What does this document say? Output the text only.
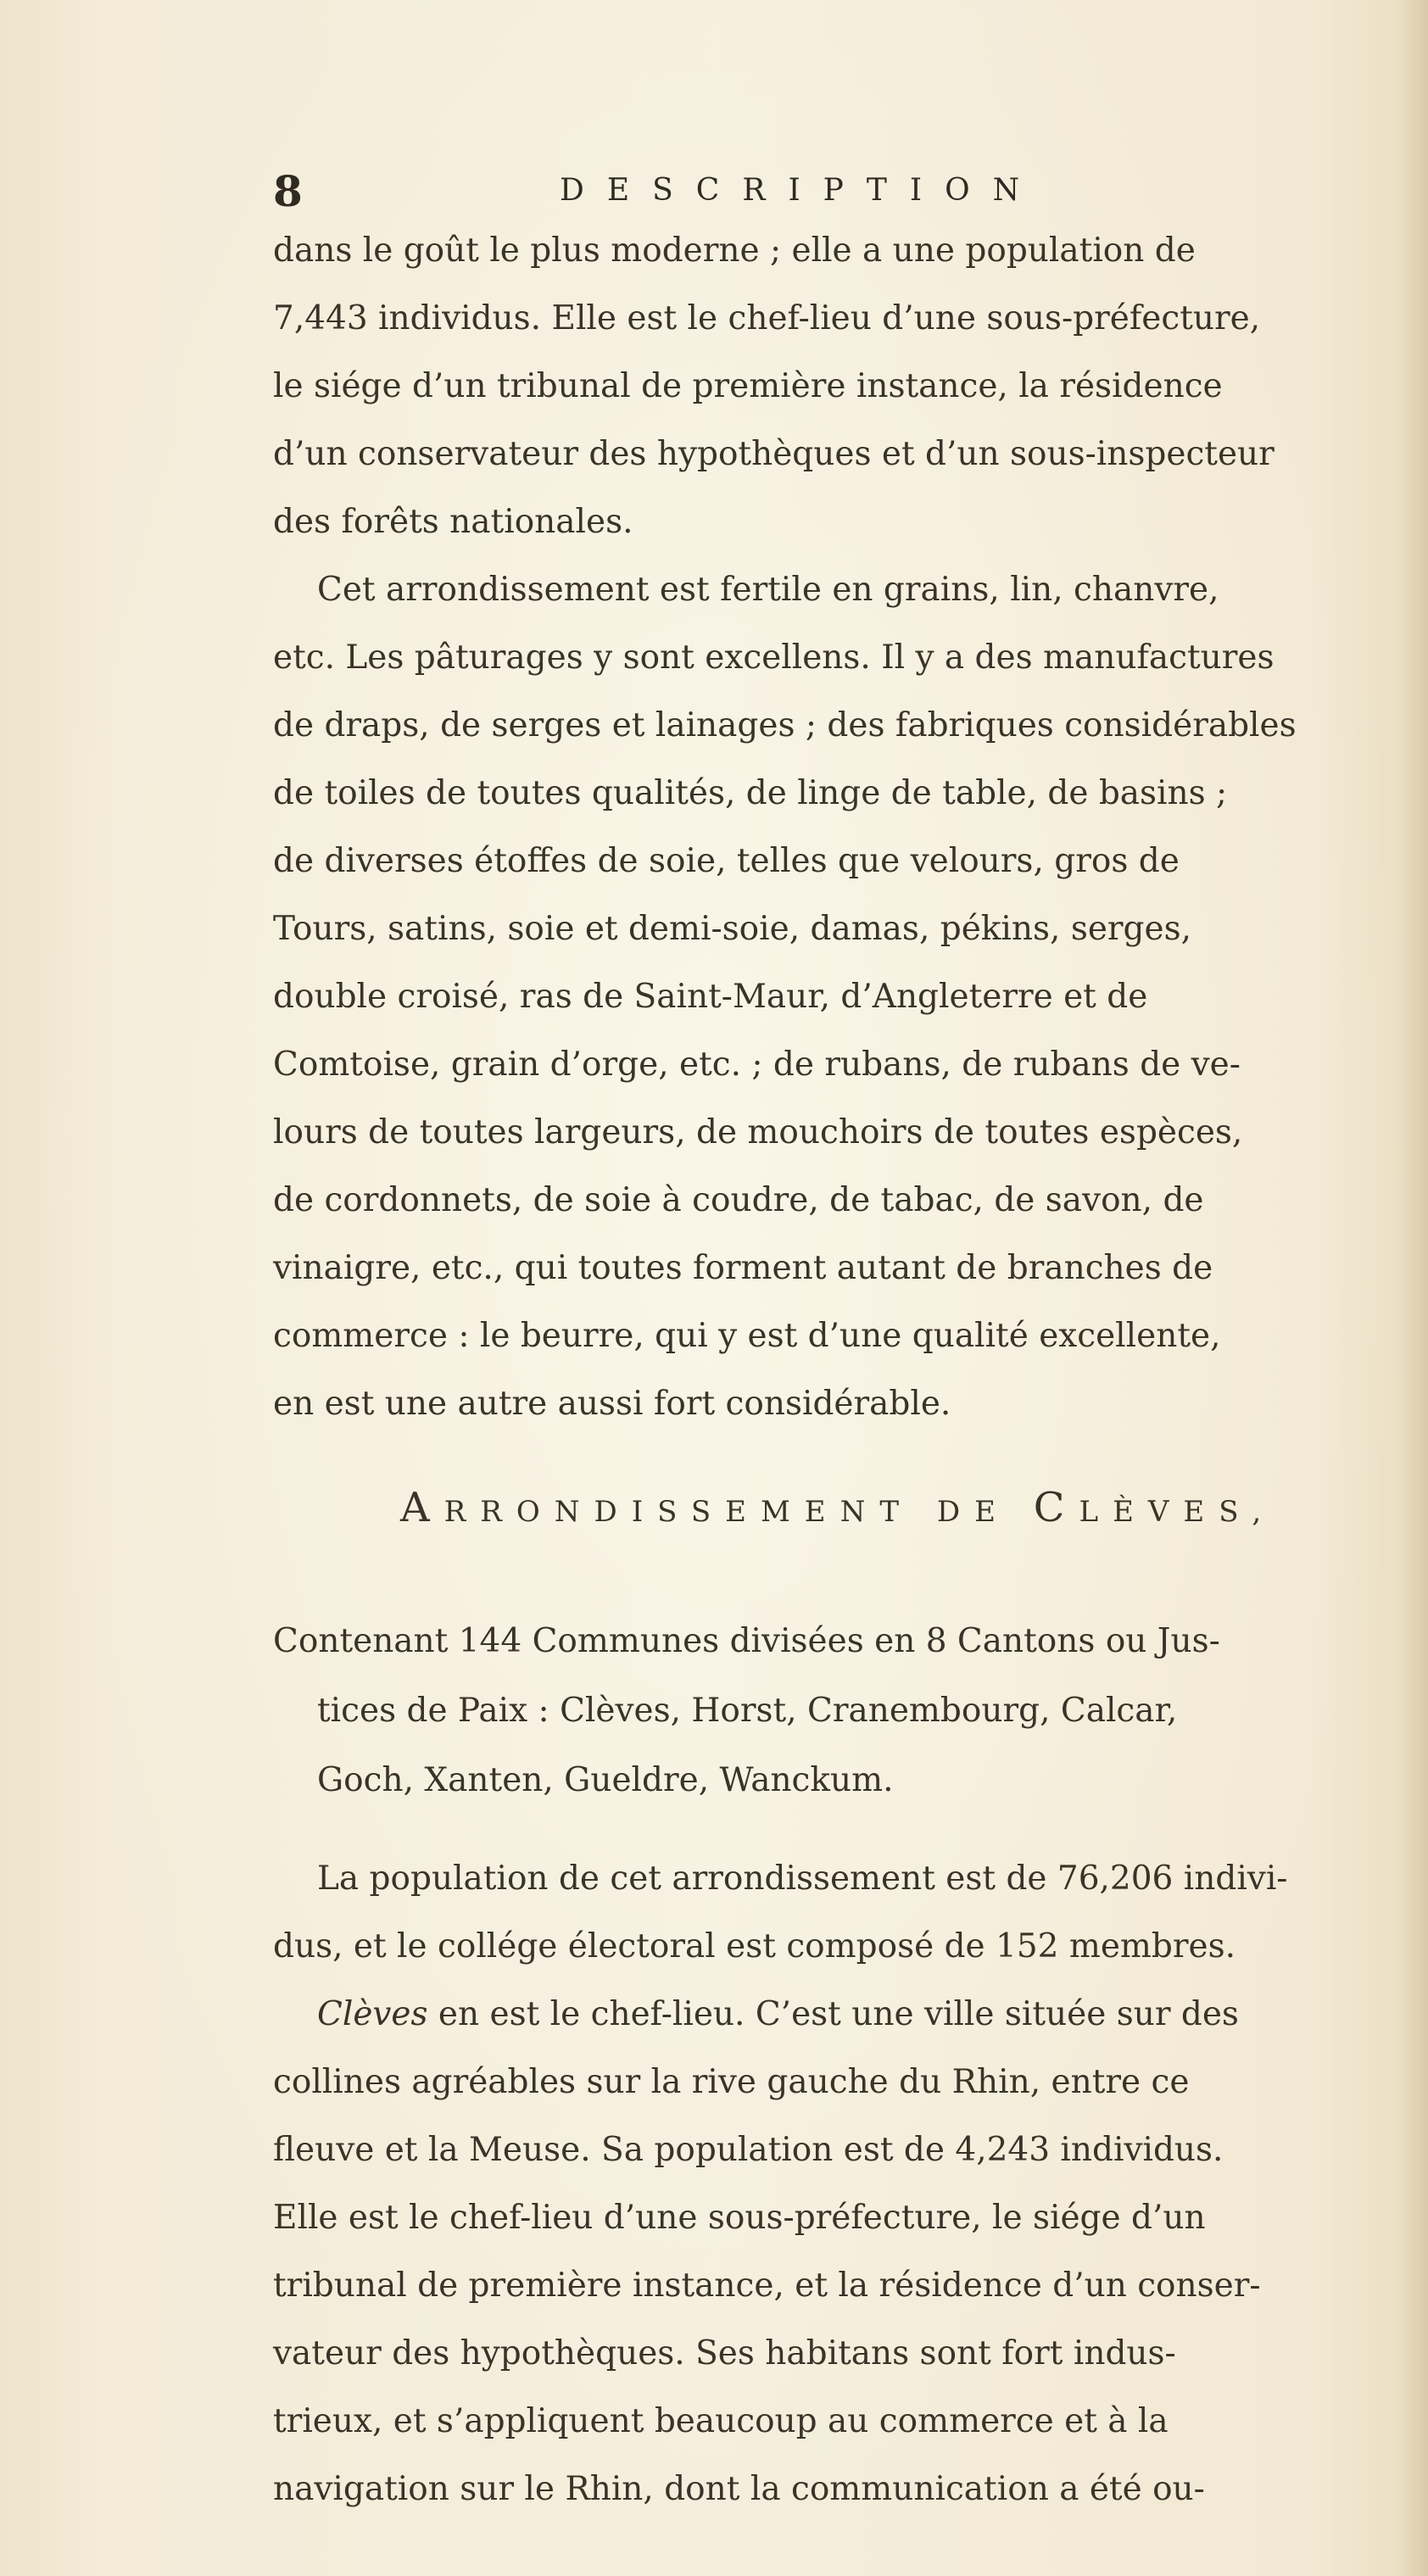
8	DESCRIPTION
dans le goût le plus moderne ; elle a une population de
7,443 individus. Elle est le chef-lieu d’une sous-préfecture,
le siége d’un tribunal de première instance, la résidence
d’un conservateur des hypothèques et d’un sous-inspecteur
des forêts nationales.
Cet arrondissement est fertile en grains, lin, chanvre,
etc. Les pâturages y sont excellens. Il y a des manufactures
de draps, de serges et lainages ; des fabriques considérables
de toiles de toutes qualités, de linge de table, de basins ;
de diverses étoffes de soie, telles que velours, gros de
Tours, satins, soie et demi-soie, damas, pékins, serges,
double croisé, ras de Saint-Maur, d’Angleterre et de
Comtoise, grain d’orge, etc. ; de rubans, de rubans de ve-
lours de toutes largeurs, de mouchoirs de toutes espèces,
de cordonnets, de soie à coudre, de tabac, de savon, de
vinaigre, etc., qui toutes forment autant de branches de
commerce : le beurre, qui y est d’une qualité excellente,
en est une autre aussi fort considérable.
ARRONDISSEMENT DE CLÈVES,
Contenant 144 Communes divisées en 8 Cantons ou Jus-
tices de Paix : Clèves, Horst, Cranembourg, Calcar,
Goch, Xanten, Gueldre, Wanckum.
La population de cet arrondissement est de 76,206 indivi-
dus, et le collége électoral est composé de 152 membres.
Clèves en est le chef-lieu. C’est une ville située sur des
collines agréables sur la rive gauche du Rhin, entre ce
fleuve et la Meuse. Sa population est de 4,243 individus.
Elle est le chef-lieu d’une sous-préfecture, le siége d’un
tribunal de première instance, et la résidence d’un conser-
vateur des hypothèques. Ses habitans sont fort indus-
trieux, et s’appliquent beaucoup au commerce et à la
navigation sur le Rhin, dont la communication a été ou-
